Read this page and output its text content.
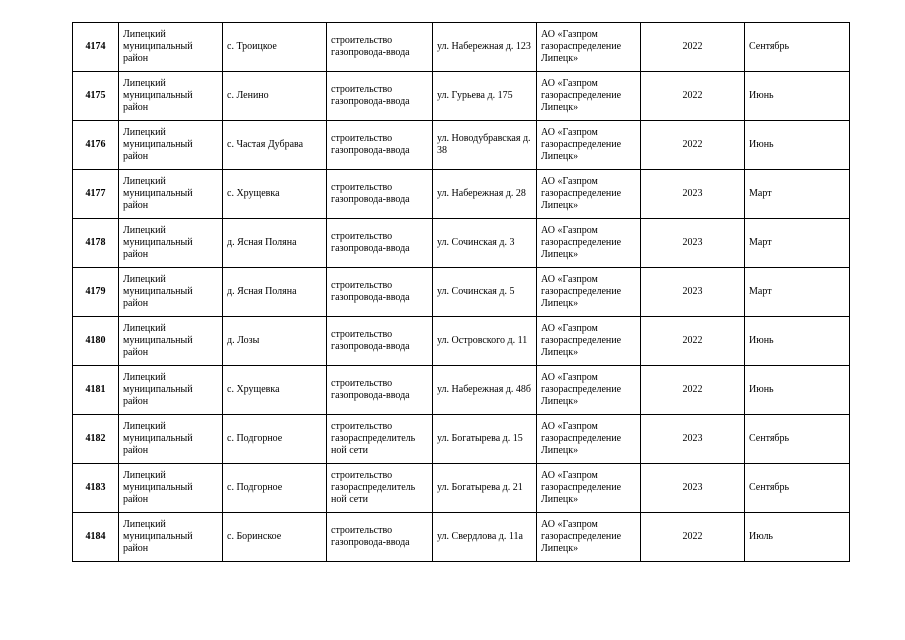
4174	Липецкий муниципальный район	с. Троицкое	строительство газопровода-ввода	ул. Набережная д. 123	АО «Газпром газораспределение Липецк»	2022	Сентябрь
4175	Липецкий муниципальный район	с. Ленино	строительство газопровода-ввода	ул. Гурьева д. 175	АО «Газпром газораспределение Липецк»	2022	Июнь
4176	Липецкий муниципальный район	с. Частая Дубрава	строительство газопровода-ввода	ул. Новодубравская д. 38	АО «Газпром газораспределение Липецк»	2022	Июнь
4177	Липецкий муниципальный район	с. Хрущевка	строительство газопровода-ввода	ул. Набережная д. 28	АО «Газпром газораспределение Липецк»	2023	Март
4178	Липецкий муниципальный район	д. Ясная Поляна	строительство газопровода-ввода	ул. Сочинская д. 3	АО «Газпром газораспределение Липецк»	2023	Март
4179	Липецкий муниципальный район	д. Ясная Поляна	строительство газопровода-ввода	ул. Сочинская д. 5	АО «Газпром газораспределение Липецк»	2023	Март
4180	Липецкий муниципальный район	д. Лозы	строительство газопровода-ввода	ул. Островского д. 11	АО «Газпром газораспределение Липецк»	2022	Июнь
4181	Липецкий муниципальный район	с. Хрущевка	строительство газопровода-ввода	ул. Набережная д. 48б	АО «Газпром газораспределение Липецк»	2022	Июнь
4182	Липецкий муниципальный район	с. Подгорное	строительство газораспределитель ной сети	ул. Богатырева д. 15	АО «Газпром газораспределение Липецк»	2023	Сентябрь
4183	Липецкий муниципальный район	с. Подгорное	строительство газораспределитель ной сети	ул. Богатырева д. 21	АО «Газпром газораспределение Липецк»	2023	Сентябрь
4184	Липецкий муниципальный район	с. Боринское	строительство газопровода-ввода	ул. Свердлова д. 11а	АО «Газпром газораспределение Липецк»	2022	Июль
